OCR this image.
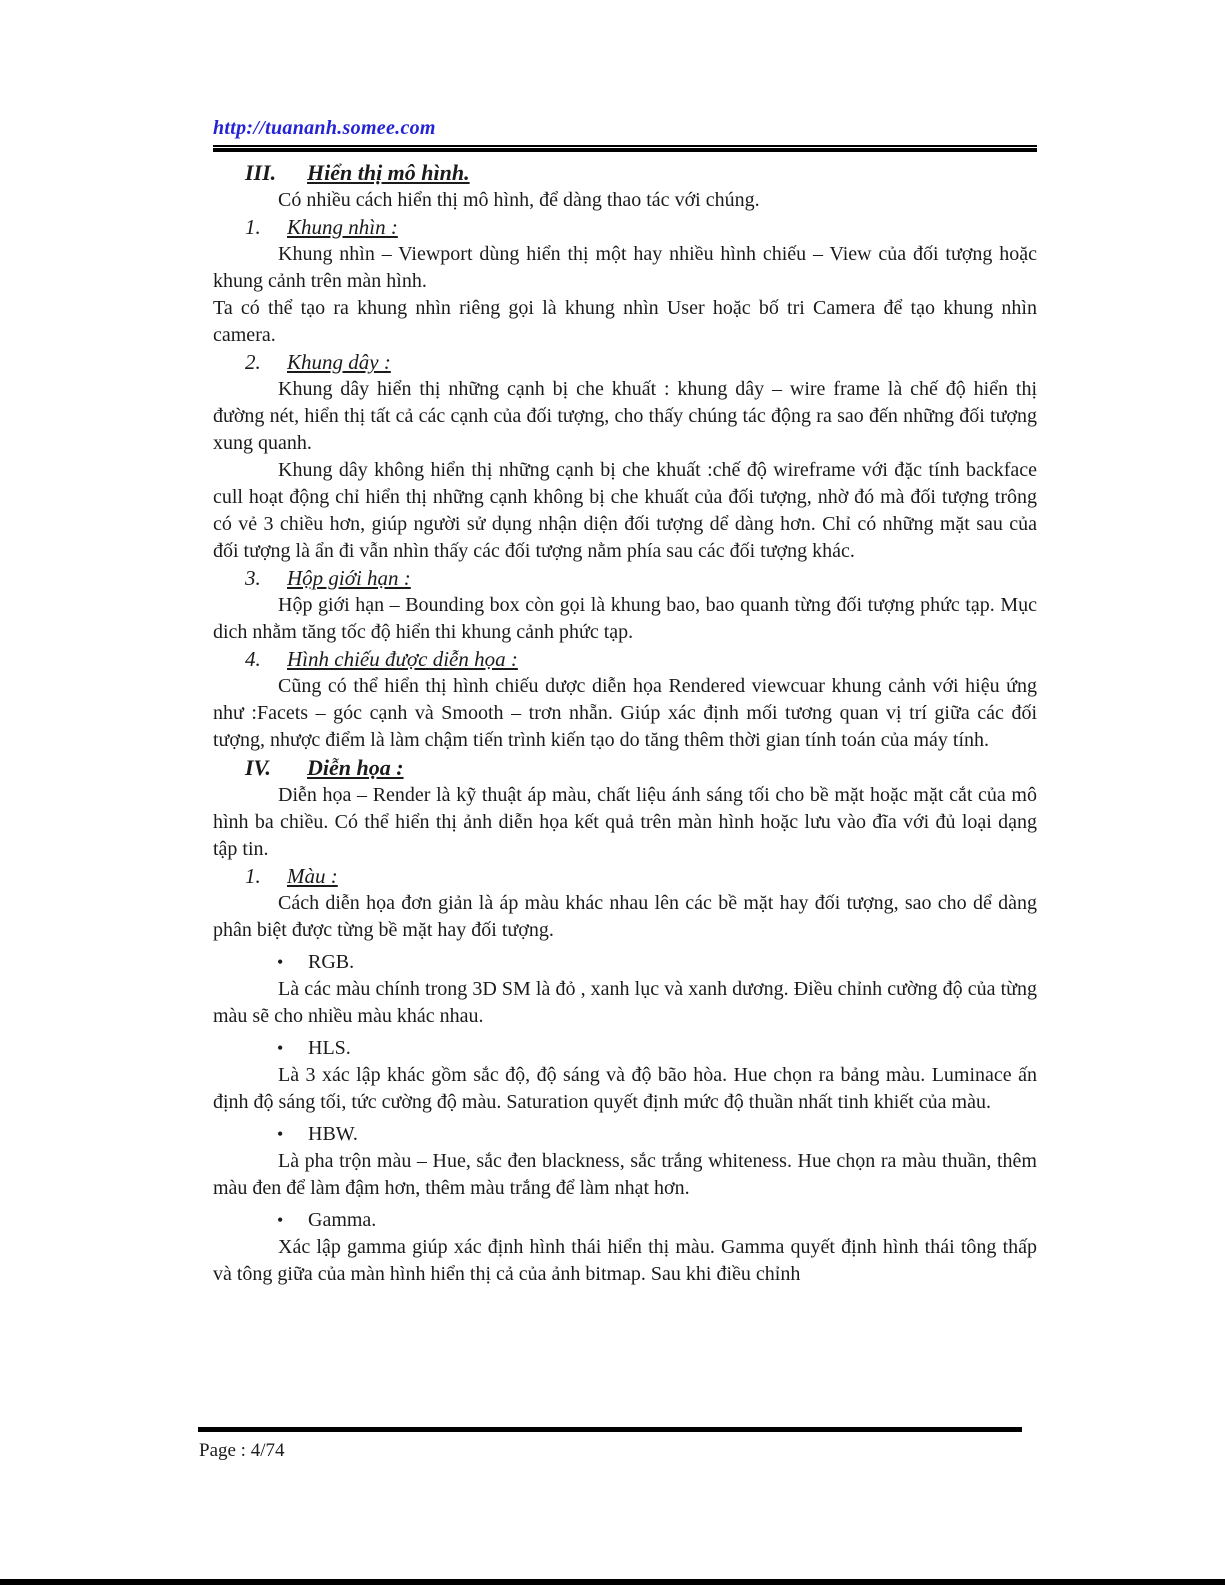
http://tuananh.somee.com
III. Hiển thị mô hình.
Có nhiều cách hiển thị mô hình, để dàng thao tác với chúng.
1. Khung nhìn :
Khung nhìn – Viewport dùng hiển thị một hay nhiều hình chiếu – View của đối tượng hoặc khung cảnh trên màn hình.
Ta có thể tạo ra khung nhìn riêng gọi là khung nhìn User hoặc bố tri Camera để tạo khung nhìn camera.
2. Khung dây :
Khung dây hiển thị những cạnh bị che khuất : khung dây – wire frame là chế độ hiển thị đường nét, hiển thị tất cả các cạnh của đối tượng, cho thấy chúng tác động ra sao đến những đối tượng xung quanh.
Khung dây không hiển thị những cạnh bị che khuất :chế độ wireframe với đặc tính backface cull hoạt động chỉ hiển thị những cạnh không bị che khuất của đối tượng, nhờ đó mà đối tượng trông có vẻ 3 chiều hơn, giúp người sử dụng nhận diện đối tượng dể dàng hơn. Chỉ có những mặt sau của đối tượng là ẩn đi vẫn nhìn thấy các đối tượng nằm phía sau các đối tượng khác.
3. Hộp giới hạn :
Hộp giới hạn – Bounding box còn gọi là khung bao, bao quanh từng đối tượng phức tạp. Mục dich nhằm tăng tốc độ hiển thi khung cảnh phức tạp.
4. Hình chiếu được diễn họa :
Cũng có thể hiển thị hình chiếu dược diễn họa Rendered viewcuar khung cảnh với hiệu ứng như :Facets – góc cạnh và Smooth – trơn nhẵn. Giúp xác định mối tương quan vị trí giữa các đối tượng, nhược điểm là làm chậm tiến trình kiến tạo do tăng thêm thời gian tính toán của máy tính.
IV. Diễn họa :
Diễn họa – Render là kỹ thuật áp màu, chất liệu ánh sáng tối cho bề mặt hoặc mặt cắt của mô hình ba chiều. Có thể hiển thị ảnh diễn họa kết quả trên màn hình hoặc lưu vào đĩa với đủ loại dạng tập tin.
1. Màu :
Cách diễn họa đơn giản là áp màu khác nhau lên các bề mặt hay đối tượng, sao cho dể dàng phân biệt được từng bề mặt hay đối tượng.
• RGB.
Là các màu chính trong 3D SM là đỏ , xanh lục và xanh dương. Điều chỉnh cường độ của từng màu sẽ cho nhiều màu khác nhau.
• HLS.
Là 3 xác lập khác gồm sắc độ, độ sáng và độ bão hòa. Hue chọn ra bảng màu. Luminace ấn định độ sáng tối, tức cường độ màu. Saturation quyết định mức độ thuần nhất tinh khiết của màu.
• HBW.
Là pha trộn màu – Hue, sắc đen blackness, sắc trắng whiteness. Hue chọn ra màu thuần, thêm màu đen để làm đậm hơn, thêm màu trắng để làm nhạt hơn.
• Gamma.
Xác lập gamma giúp xác định hình thái hiển thị màu. Gamma quyết định hình thái tông thấp và tông giữa của màn hình hiển thị cả của ảnh bitmap. Sau khi điều chỉnh
Page : 4/74
